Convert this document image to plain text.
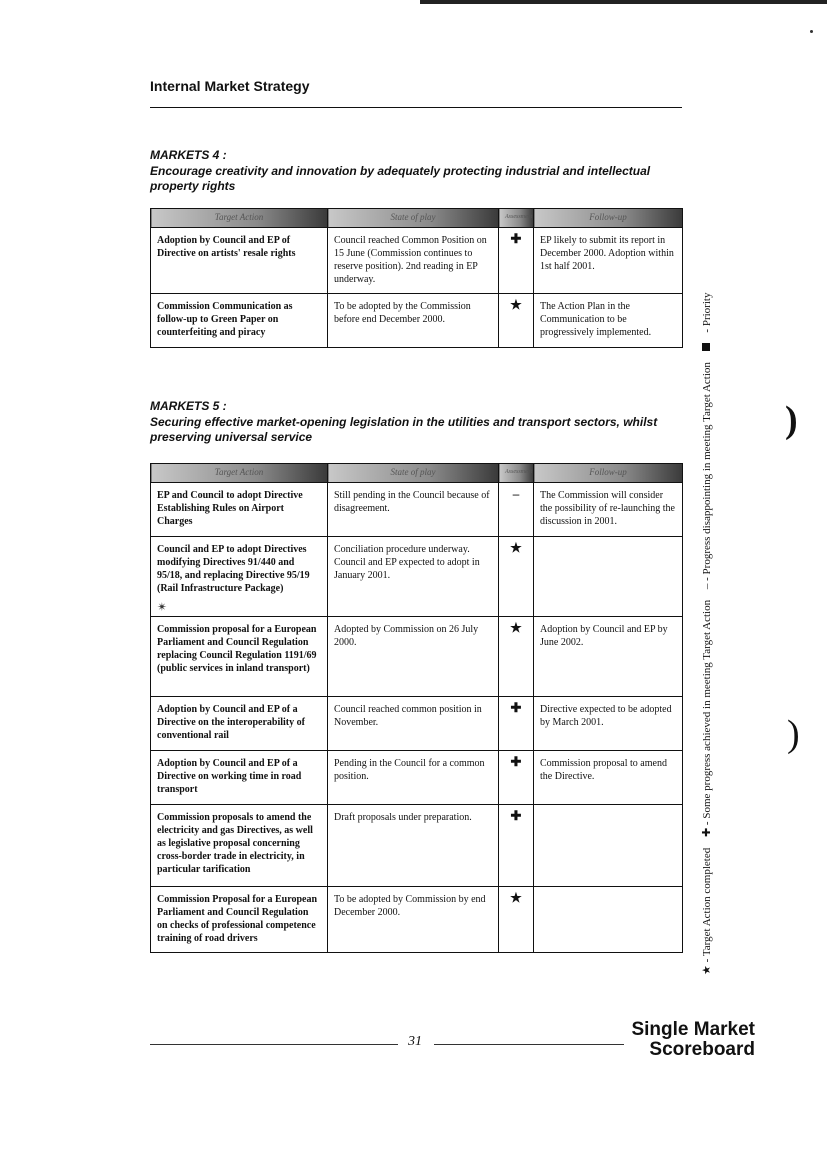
Internal Market Strategy
MARKETS 4 :
Encourage creativity and innovation by adequately protecting industrial and intellectual property rights
Target Action	State of play	Assessment	Follow-up
Adoption by Council and EP of Directive on artists' resale rights	Council reached Common Position on 15 June (Commission continues to reserve position). 2nd reading in EP underway.	✚	EP likely to submit its report in December 2000. Adoption within 1st half 2001.
Commission Communication as follow-up to Green Paper on counterfeiting and piracy	To be adopted by the Commission before end December 2000.	★	The Action Plan in the Communication to be progressively implemented.
MARKETS 5 :
Securing effective market-opening legislation in the utilities and transport sectors, whilst preserving universal service
Target Action	State of play	Assessment	Follow-up
EP and Council to adopt Directive Establishing Rules on Airport Charges	Still pending in the Council because of disagreement.	–	The Commission will consider the possibility of re-launching the discussion in 2001.
Council and EP to adopt Directives modifying Directives 91/440 and 95/18, and replacing Directive 95/19 (Rail Infrastructure Package)	Conciliation procedure underway. Council and EP expected to adopt in January 2001.	★	
Commission proposal for a European Parliament and Council Regulation replacing Council Regulation 1191/69 (public services in inland transport)	Adopted by Commission on 26 July 2000.	★	Adoption by Council and EP by June 2002.
Adoption by Council and EP of a Directive on the interoperability of conventional rail	Council reached common position in November.	✚	Directive expected to be adopted by March 2001.
Adoption by Council and EP of a Directive on working time in road transport	Pending in the Council for a common position.	✚	Commission proposal to amend the Directive.
Commission proposals to amend the electricity and gas Directives, as well as legislative proposal concerning cross-border trade in electricity, in particular tarification	Draft proposals under preparation.	✚	
Commission Proposal for a European Parliament and Council Regulation on checks of professional competence training of road drivers	To be adopted by Commission by end December 2000.	★		★ - Target Action completed ✚ - Some progress achieved in meeting Target Action – - Progress disappointing in meeting Target Action  - Priority
)
)
✴
31
Single Market
Scoreboard
